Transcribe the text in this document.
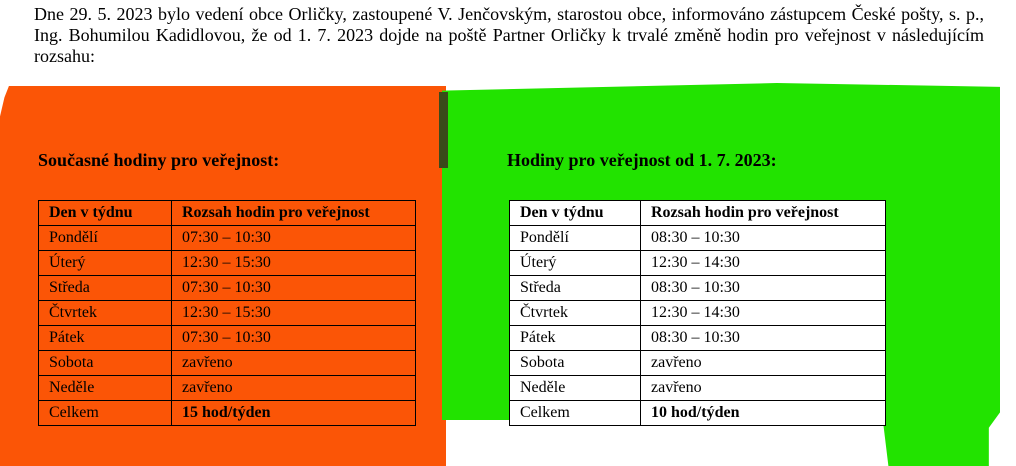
Dne 29. 5. 2023 bylo vedení obce Orličky, zastoupené V. Jenčovským, starostou obce, informováno zástupcem České pošty, s. p., Ing. Bohumilou Kadidlovou, že od 1. 7. 2023 dojde na poště Partner Orličky k trvalé změně hodin pro veřejnost v následujícím rozsahu:
Současné hodiny pro veřejnost:	Hodiny pro veřejnost od 1. 7. 2023:
Den v týdnu	Rozsah hodin pro veřejnost
Pondělí	07:30 – 10:30
Úterý	12:30 – 15:30
Středa	07:30 – 10:30
Čtvrtek	12:30 – 15:30
Pátek	07:30 – 10:30
Sobota	zavřeno
Neděle	zavřeno
Celkem	15 hod/týden
Den v týdnu	Rozsah hodin pro veřejnost
Pondělí	08:30 – 10:30
Úterý	12:30 – 14:30
Středa	08:30 – 10:30
Čtvrtek	12:30 – 14:30
Pátek	08:30 – 10:30
Sobota	zavřeno
Neděle	zavřeno
Celkem	10 hod/týden
